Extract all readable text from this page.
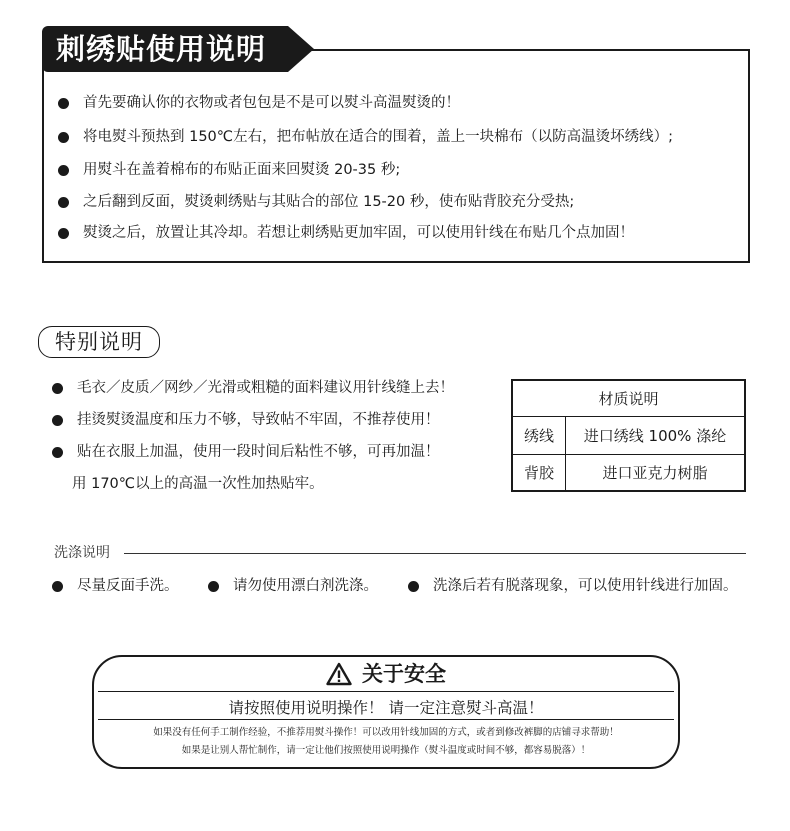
刺绣贴使用说明
首先要确认你的衣物或者包包是不是可以熨斗高温熨烫的！
将电熨斗预热到 150℃左右，把布帖放在适合的围着，盖上一块棉布（以防高温烫坏绣线）;
用熨斗在盖着棉布的布贴正面来回熨烫 20-35 秒;
之后翻到反面，熨烫刺绣贴与其贴合的部位 15-20 秒，使布贴背胶充分受热;
熨烫之后，放置让其冷却。若想让刺绣贴更加牢固，可以使用针线在布贴几个点加固！
特别说明
毛衣／皮质／网纱／光滑或粗糙的面料建议用针线缝上去！
挂烫熨烫温度和压力不够，导致帖不牢固，不推荐使用！
贴在衣服上加温，使用一段时间后粘性不够，可再加温！
用 170℃以上的高温一次性加热贴牢。
材质说明
绣线	进口绣线 100% 涤纶
背胶	进口亚克力树脂
洗涤说明
尽量反面手洗。	请勿使用漂白剂洗涤。	洗涤后若有脱落现象，可以使用针线进行加固。
关于安全
请按照使用说明操作！ 请一定注意熨斗高温！
如果没有任何手工制作经验，不推荐用熨斗操作！可以改用针线加固的方式，或者到修改裤脚的店铺寻求帮助！
如果是让别人帮忙制作，请一定让他们按照使用说明操作（熨斗温度或时间不够，都容易脱落）！
